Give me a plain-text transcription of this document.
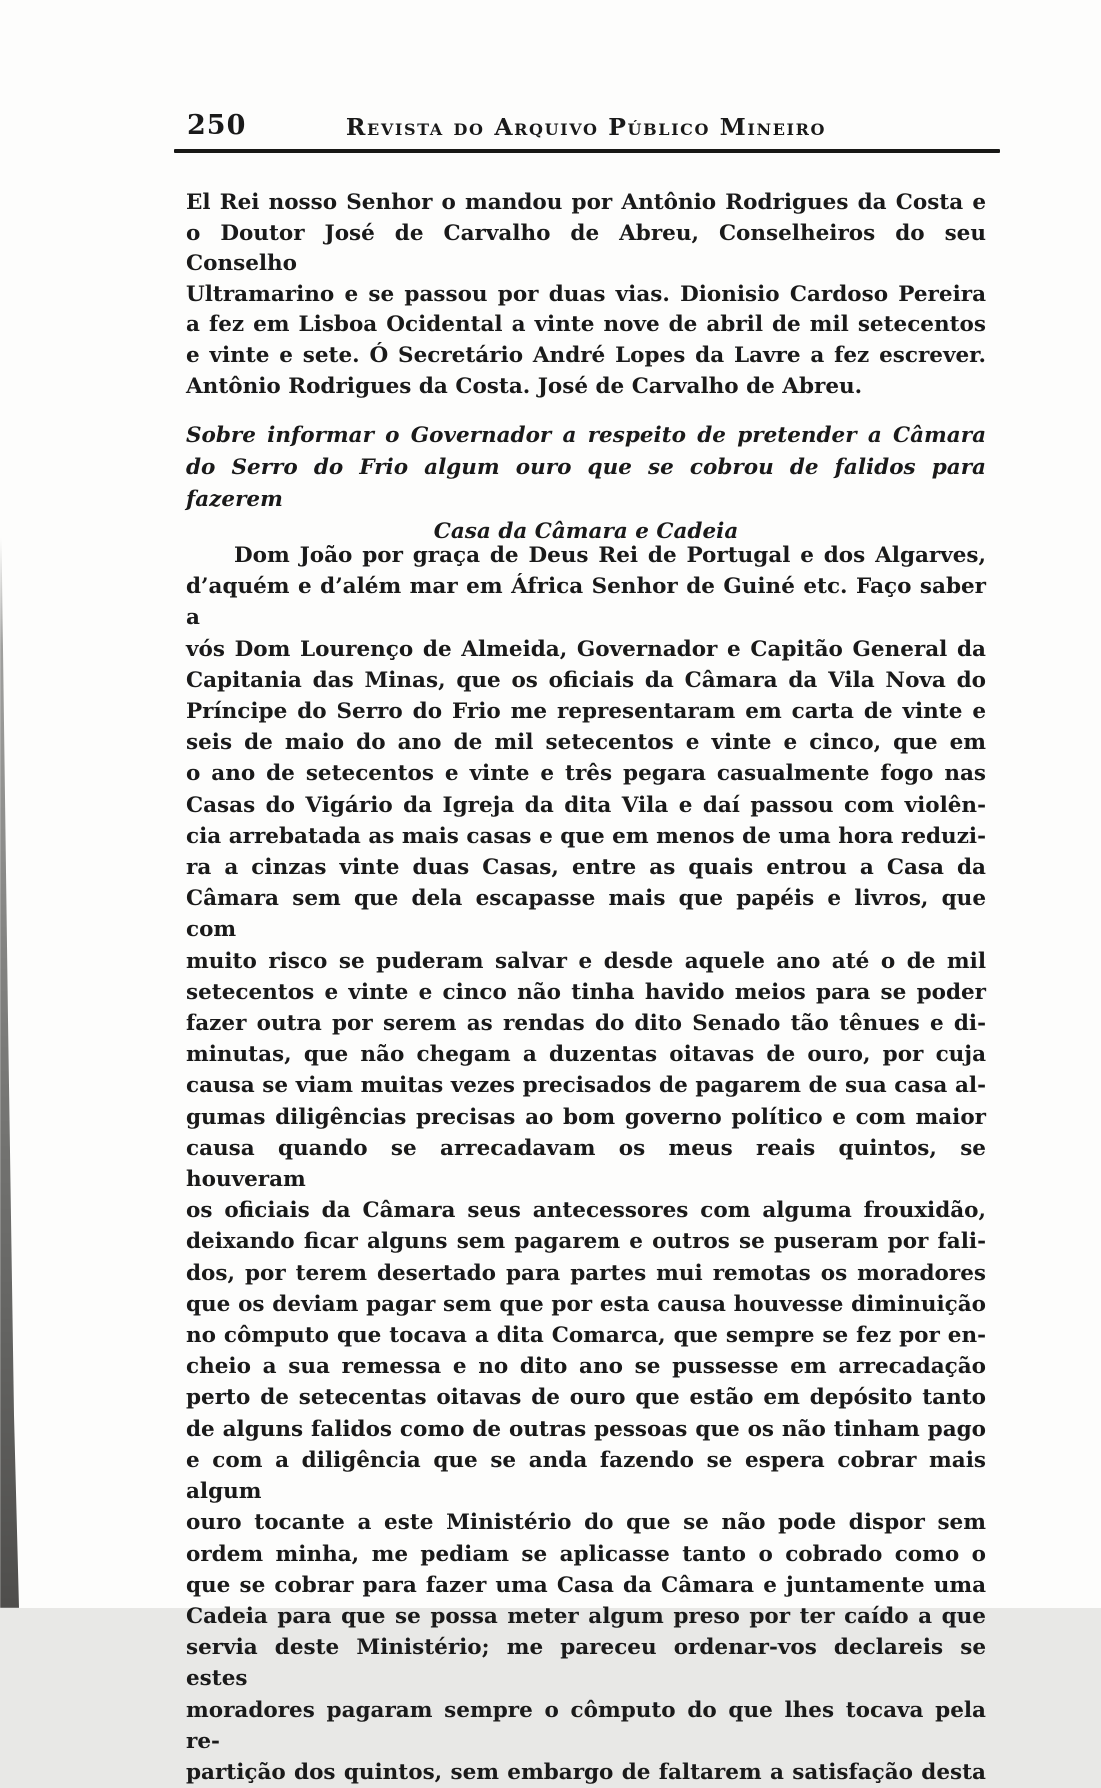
250	Revista do Arquivo Público Mineiro

El Rei nosso Senhor o mandou por Antônio Rodrigues da Costa e
o Doutor José de Carvalho de Abreu, Conselheiros do seu Conselho
Ultramarino e se passou por duas vias. Dionisio Cardoso Pereira
a fez em Lisboa Ocidental a vinte nove de abril de mil setecentos
e vinte e sete. Ó Secretário André Lopes da Lavre a fez escrever.
Antônio Rodrigues da Costa. José de Carvalho de Abreu.

Sobre informar o Governador a respeito de pretender a Câmara
do Serro do Frio algum ouro que se cobrou de falidos para fazerem
Casa da Câmara e Cadeia

Dom João por graça de Deus Rei de Portugal e dos Algarves,
d’aquém e d’além mar em África Senhor de Guiné etc. Faço saber a
vós Dom Lourenço de Almeida, Governador e Capitão General da
Capitania das Minas, que os oficiais da Câmara da Vila Nova do
Príncipe do Serro do Frio me representaram em carta de vinte e
seis de maio do ano de mil setecentos e vinte e cinco, que em
o ano de setecentos e vinte e três pegara casualmente fogo nas
Casas do Vigário da Igreja da dita Vila e daí passou com violên-
cia arrebatada as mais casas e que em menos de uma hora reduzi-
ra a cinzas vinte duas Casas, entre as quais entrou a Casa da
Câmara sem que dela escapasse mais que papéis e livros, que com
muito risco se puderam salvar e desde aquele ano até o de mil
setecentos e vinte e cinco não tinha havido meios para se poder
fazer outra por serem as rendas do dito Senado tão tênues e di-
minutas, que não chegam a duzentas oitavas de ouro, por cuja
causa se viam muitas vezes precisados de pagarem de sua casa al-
gumas diligências precisas ao bom governo político e com maior
causa quando se arrecadavam os meus reais quintos, se houveram
os oficiais da Câmara seus antecessores com alguma frouxidão,
deixando ficar alguns sem pagarem e outros se puseram por fali-
dos, por terem desertado para partes mui remotas os moradores
que os deviam pagar sem que por esta causa houvesse diminuição
no cômputo que tocava a dita Comarca, que sempre se fez por en-
cheio a sua remessa e no dito ano se pussesse em arrecadação
perto de setecentas oitavas de ouro que estão em depósito tanto
de alguns falidos como de outras pessoas que os não tinham pago
e com a diligência que se anda fazendo se espera cobrar mais algum
ouro tocante a este Ministério do que se não pode dispor sem
ordem minha, me pediam se aplicasse tanto o cobrado como o
que se cobrar para fazer uma Casa da Câmara e juntamente uma
Cadeia para que se possa meter algum preso por ter caído a que
servia deste Ministério; me pareceu ordenar-vos declareis se estes
moradores pagaram sempre o cômputo do que lhes tocava pela re-
partição dos quintos, sem embargo de faltarem a satisfação desta
